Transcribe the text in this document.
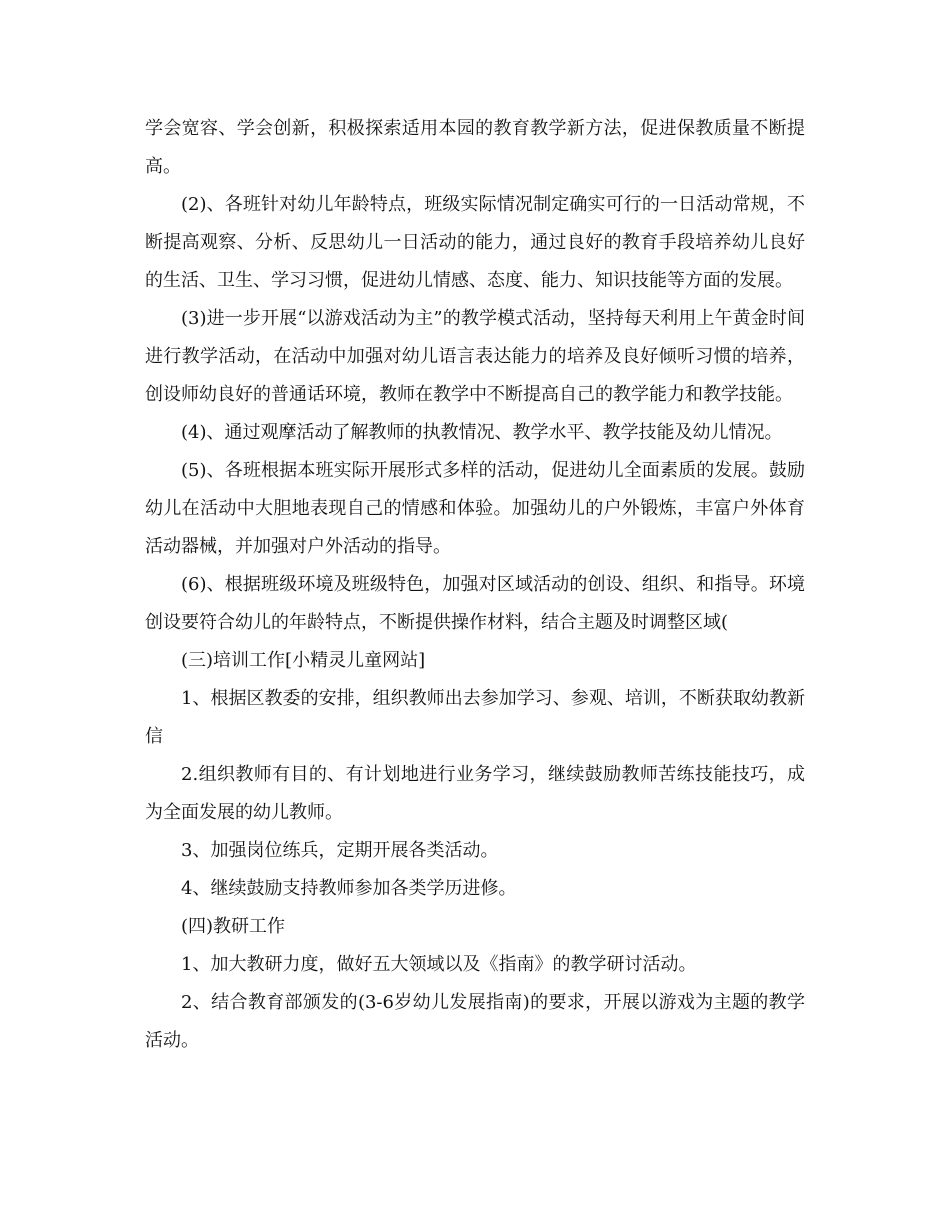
学会宽容、学会创新，积极探索适用本园的教育教学新方法，促进保教质量不断提高。

(2)、各班针对幼儿年龄特点，班级实际情况制定确实可行的一日活动常规，不断提高观察、分析、反思幼儿一日活动的能力，通过良好的教育手段培养幼儿良好的生活、卫生、学习习惯，促进幼儿情感、态度、能力、知识技能等方面的发展。

(3)进一步开展“以游戏活动为主”的教学模式活动，坚持每天利用上午黄金时间进行教学活动，在活动中加强对幼儿语言表达能力的培养及良好倾听习惯的培养，创设师幼良好的普通话环境，教师在教学中不断提高自己的教学能力和教学技能。

(4)、通过观摩活动了解教师的执教情况、教学水平、教学技能及幼儿情况。

(5)、各班根据本班实际开展形式多样的活动，促进幼儿全面素质的发展。鼓励幼儿在活动中大胆地表现自己的情感和体验。加强幼儿的户外锻炼，丰富户外体育活动器械，并加强对户外活动的指导。

(6)、根据班级环境及班级特色，加强对区域活动的创设、组织、和指导。环境创设要符合幼儿的年龄特点，不断提供操作材料，结合主题及时调整区域(

(三)培训工作[小精灵儿童网站]

1、根据区教委的安排，组织教师出去参加学习、参观、培训，不断获取幼教新信

2.组织教师有目的、有计划地进行业务学习，继续鼓励教师苦练技能技巧，成为全面发展的幼儿教师。

3、加强岗位练兵，定期开展各类活动。

4、继续鼓励支持教师参加各类学历进修。

(四)教研工作

1、加大教研力度，做好五大领域以及《指南》的教学研讨活动。

2、结合教育部颁发的(3-6岁幼儿发展指南)的要求，开展以游戏为主题的教学活动。
